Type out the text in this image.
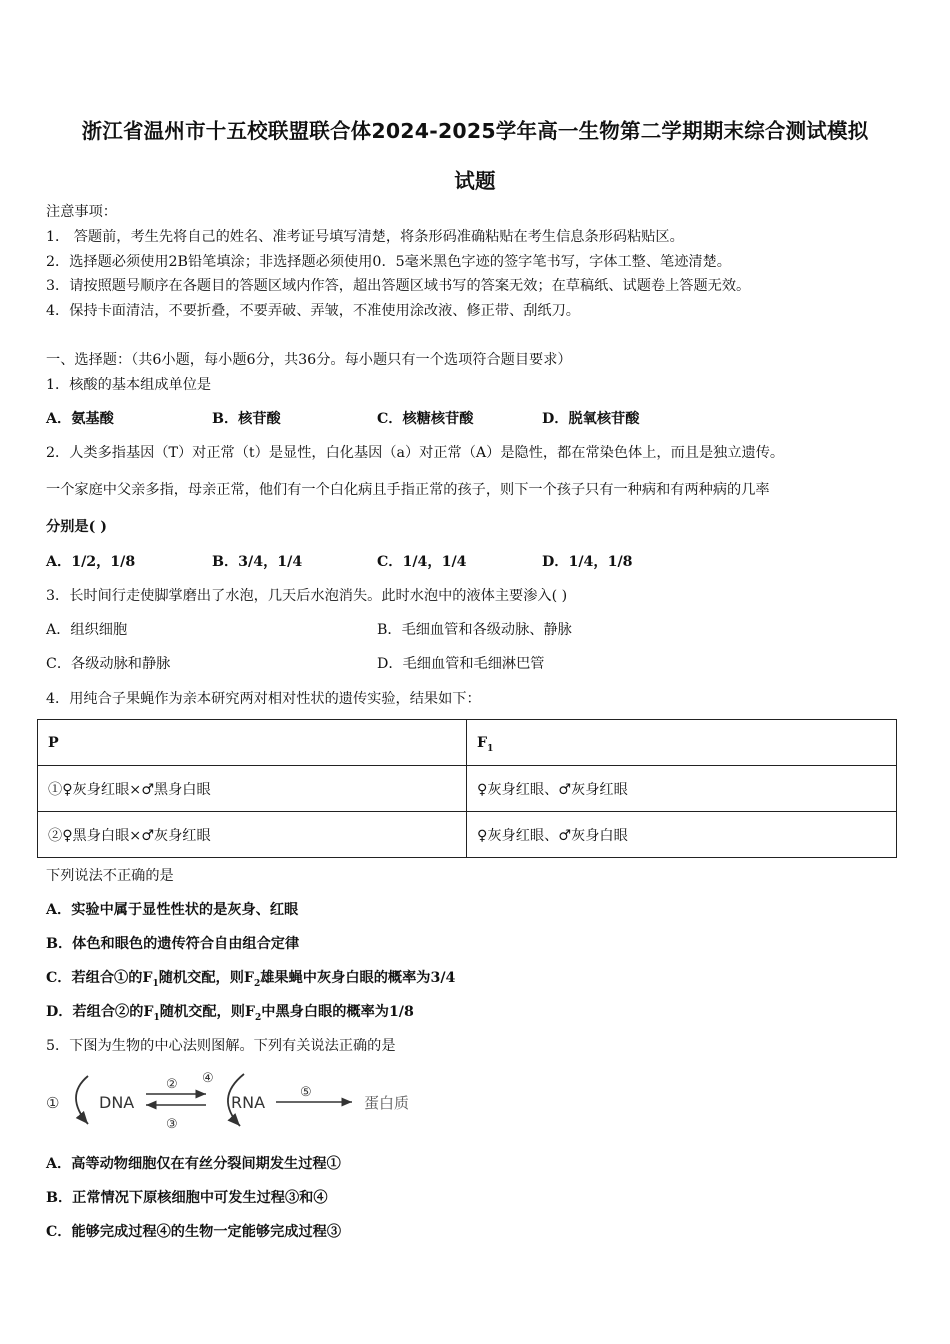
浙江省温州市十五校联盟联合体2024-2025学年高一生物第二学期期末综合测试模拟
试题
注意事项：
1． 答题前，考生先将自己的姓名、准考证号填写清楚，将条形码准确粘贴在考生信息条形码粘贴区。
2．选择题必须使用2B铅笔填涂；非选择题必须使用0．5毫米黑色字迹的签字笔书写，字体工整、笔迹清楚。
3．请按照题号顺序在各题目的答题区域内作答，超出答题区域书写的答案无效；在草稿纸、试题卷上答题无效。
4．保持卡面清洁，不要折叠，不要弄破、弄皱，不准使用涂改液、修正带、刮纸刀。
一、选择题：（共6小题，每小题6分，共36分。每小题只有一个选项符合题目要求）
1．核酸的基本组成单位是
A．氨基酸	B．核苷酸	C．核糖核苷酸	D．脱氧核苷酸
2．人类多指基因（T）对正常（t）是显性，白化基因（a）对正常（A）是隐性，都在常染色体上，而且是独立遗传。
一个家庭中父亲多指，母亲正常，他们有一个白化病且手指正常的孩子，则下一个孩子只有一种病和有两种病的几率
分别是( )
A．1/2，1/8	B．3/4，1/4	C．1/4，1/4	D．1/4，1/8
3．长时间行走使脚掌磨出了水泡，几天后水泡消失。此时水泡中的液体主要渗入( )
A．组织细胞	B．毛细血管和各级动脉、静脉
C．各级动脉和静脉	D．毛细血管和毛细淋巴管
4．用纯合子果蝇作为亲本研究两对相对性状的遗传实验，结果如下：
P	$F_1$
①♀灰身红眼×♂黑身白眼	♀灰身红眼、♂灰身红眼
②♀黑身白眼×♂灰身红眼	♀灰身红眼、♂灰身白眼
下列说法不正确的是
A．实验中属于显性性状的是灰身、红眼
B．体色和眼色的遗传符合自由组合定律
C．若组合①的$F_1$随机交配，则$F_2$雄果蝇中灰身白眼的概率为3/4
D．若组合②的$F_1$随机交配，则$F_2$中黑身白眼的概率为1/8
5．下图为生物的中心法则图解。下列有关说法正确的是
① DNA
②
③
④
RNA
⑤
蛋白质
A．高等动物细胞仅在有丝分裂间期发生过程①
B．正常情况下原核细胞中可发生过程③和④
C．能够完成过程④的生物一定能够完成过程③
